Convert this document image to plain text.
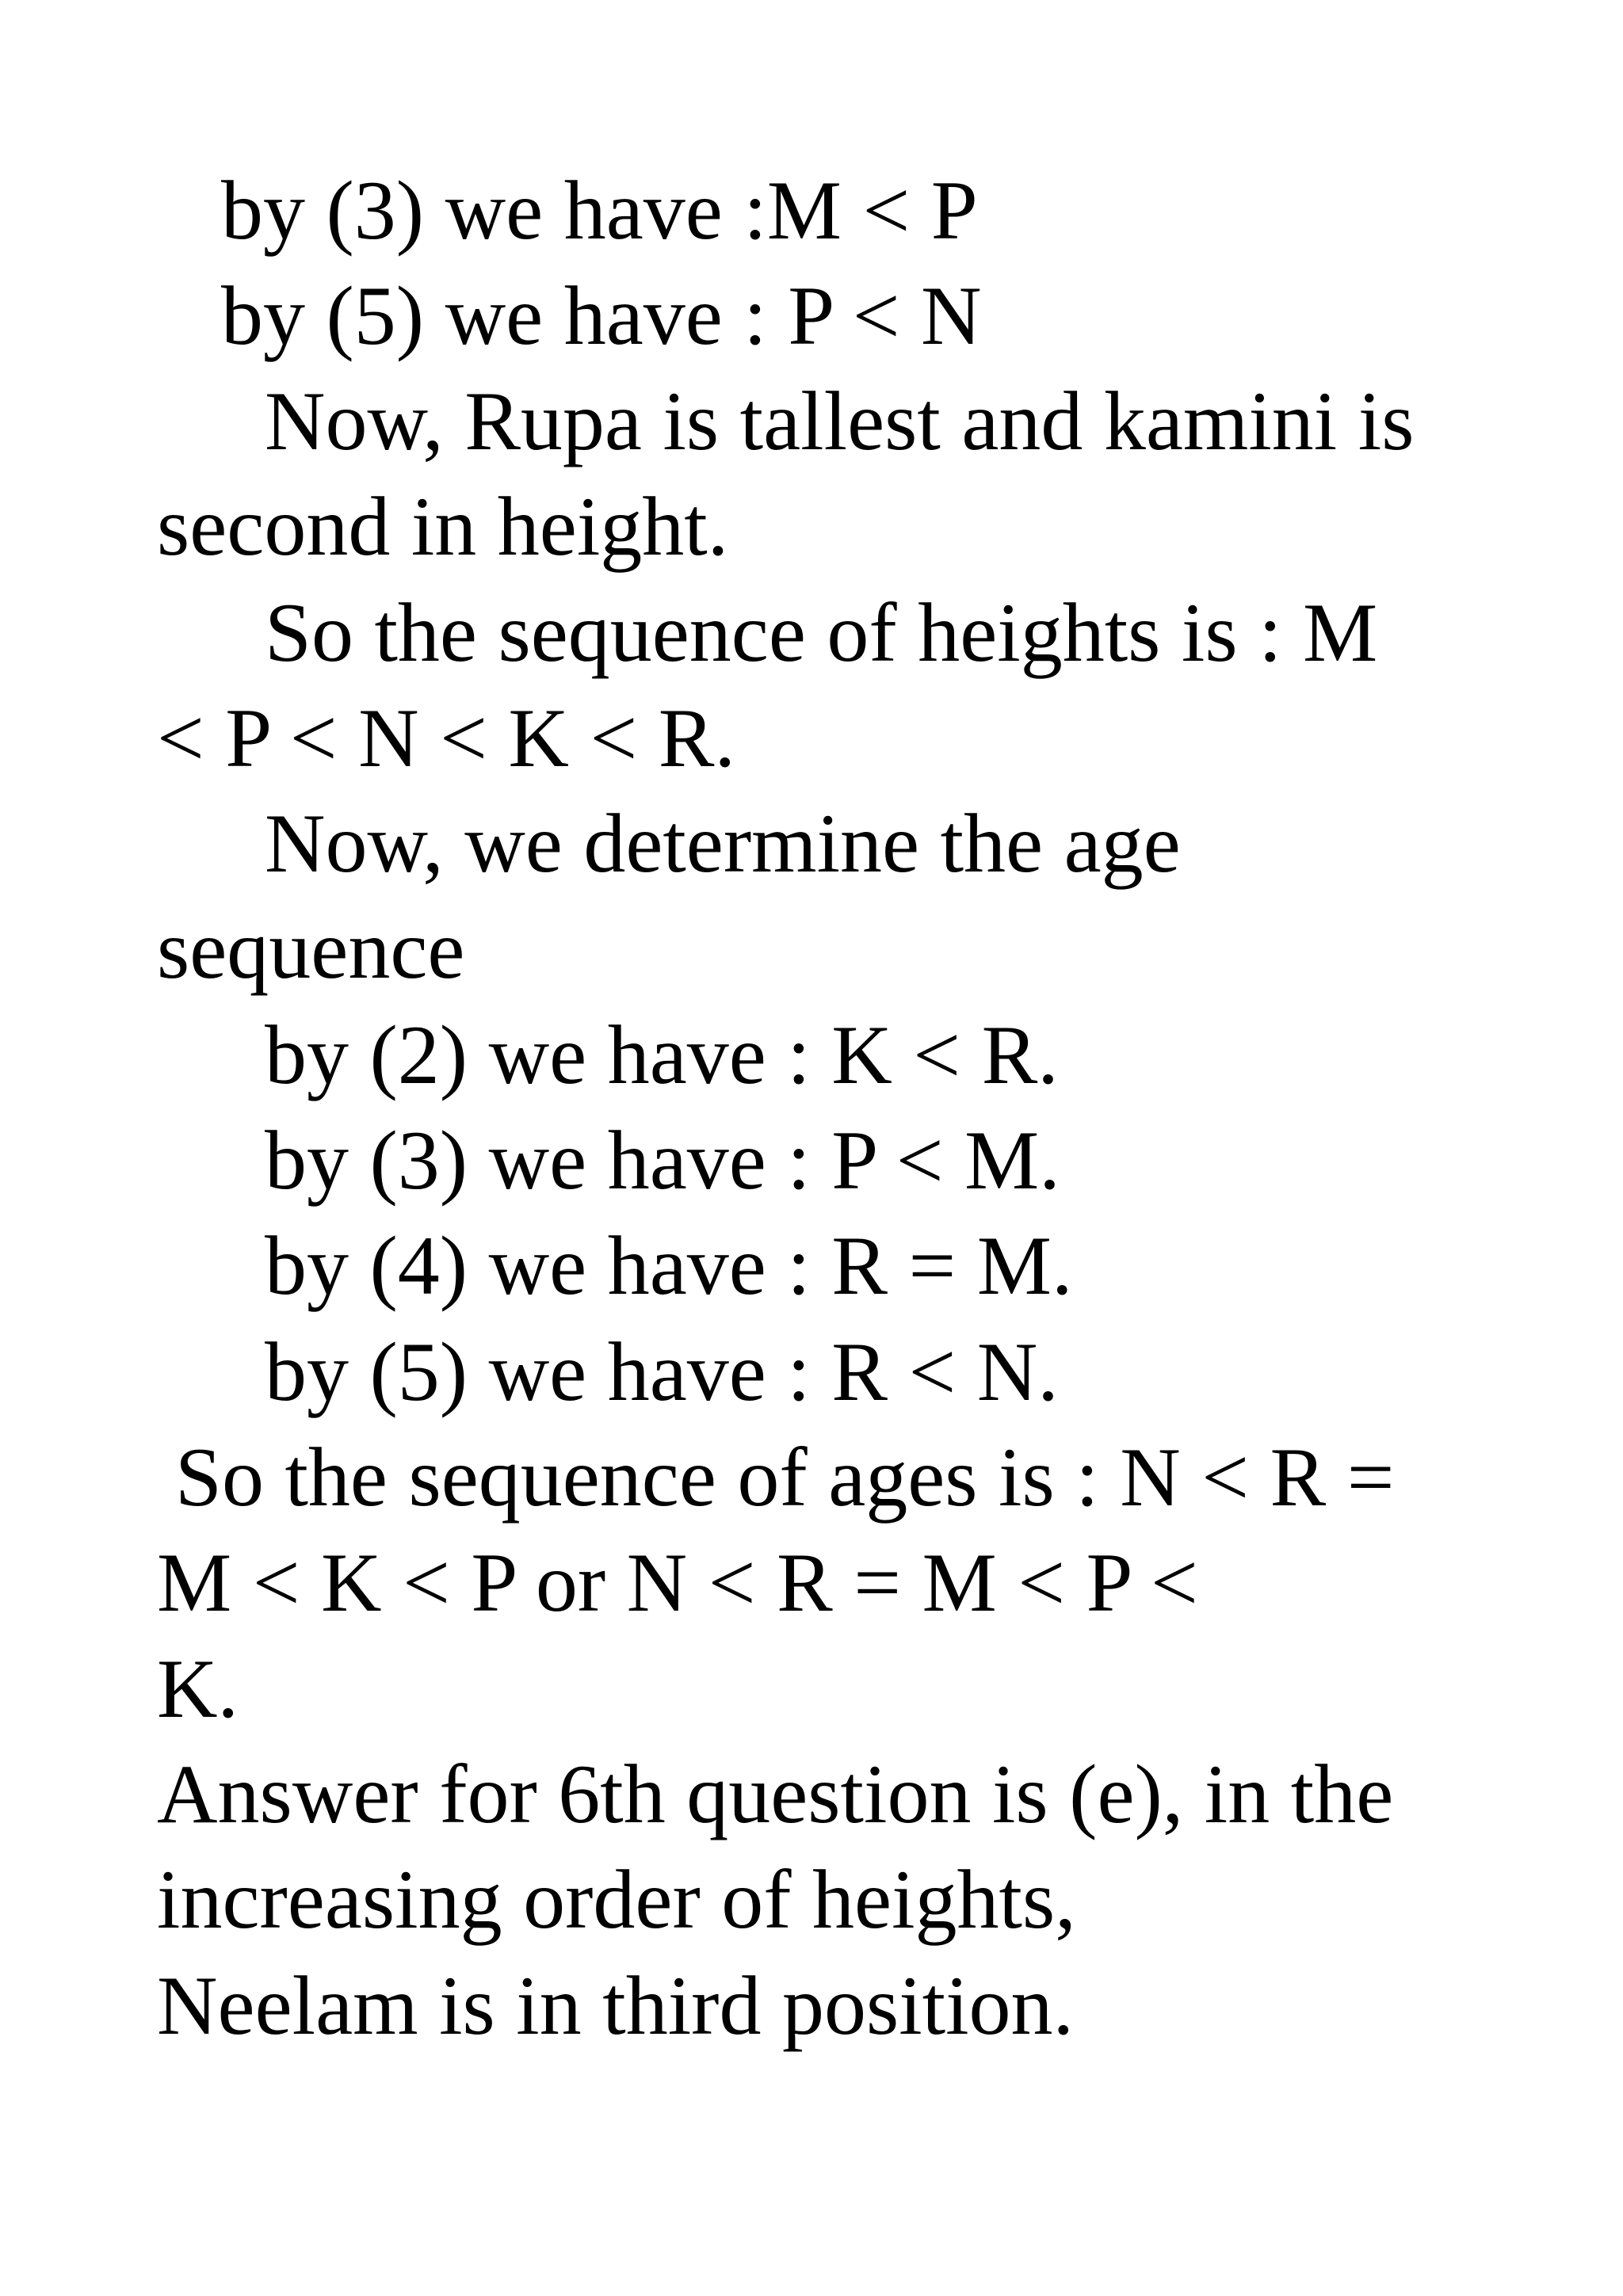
by (3) we have :M < P
by (5) we have : P < N
Now, Rupa is tallest and kamini is
second in height.
So the sequence of heights is : M
< P < N < K < R.
Now, we determine the age
sequence
by (2) we have : K < R.
by (3) we have : P < M.
by (4) we have : R = M.
by (5) we have : R < N.
So the sequence of ages is : N < R =
M < K < P or N < R = M < P <
K.
Answer for 6th question is (e), in the
increasing order of heights,
Neelam is in third position.
